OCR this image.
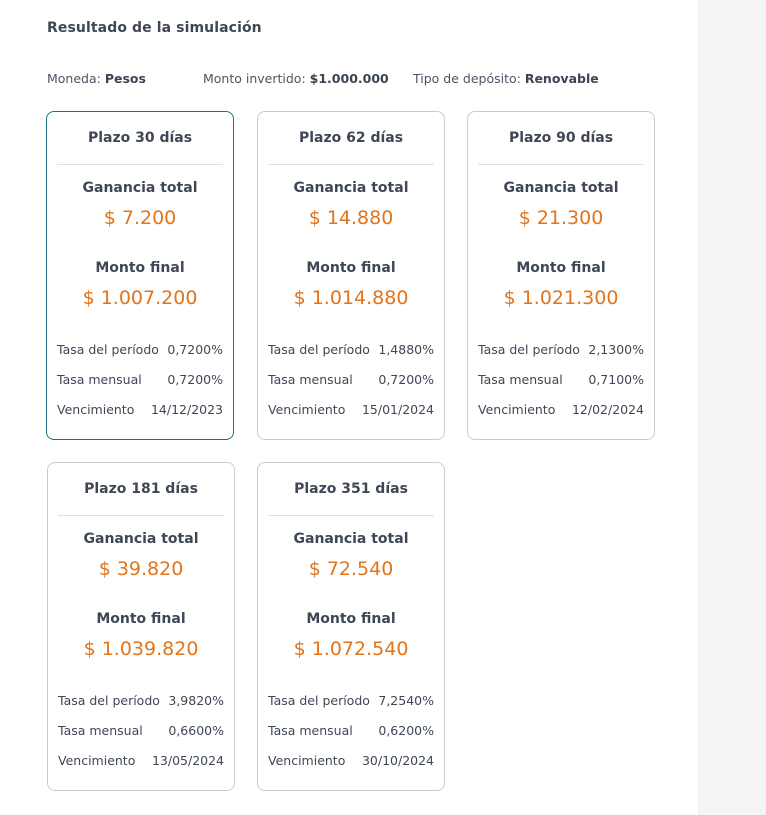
Resultado de la simulación
Moneda: Pesos	Monto invertido: $1.000.000 Tipo de depósito: Renovable
Plazo 30 días
Ganancia total
$ 7.200
Monto final
$ 1.007.200
Tasa del período 0,7200%
Tasa mensual 0,7200%
Vencimiento 14/12/2023
Plazo 62 días
Ganancia total
$ 14.880
Monto final
$ 1.014.880
Tasa del período 1,4880%
Tasa mensual 0,7200%
Vencimiento 15/01/2024
Plazo 90 días
Ganancia total
$ 21.300
Monto final
$ 1.021.300
Tasa del período 2,1300%
Tasa mensual 0,7100%
Vencimiento 12/02/2024
Plazo 181 días
Ganancia total
$ 39.820
Monto final
$ 1.039.820
Tasa del período 3,9820%
Tasa mensual 0,6600%
Vencimiento 13/05/2024
Plazo 351 días
Ganancia total
$ 72.540
Monto final
$ 1.072.540
Tasa del período 7,2540%
Tasa mensual 0,6200%
Vencimiento 30/10/2024
